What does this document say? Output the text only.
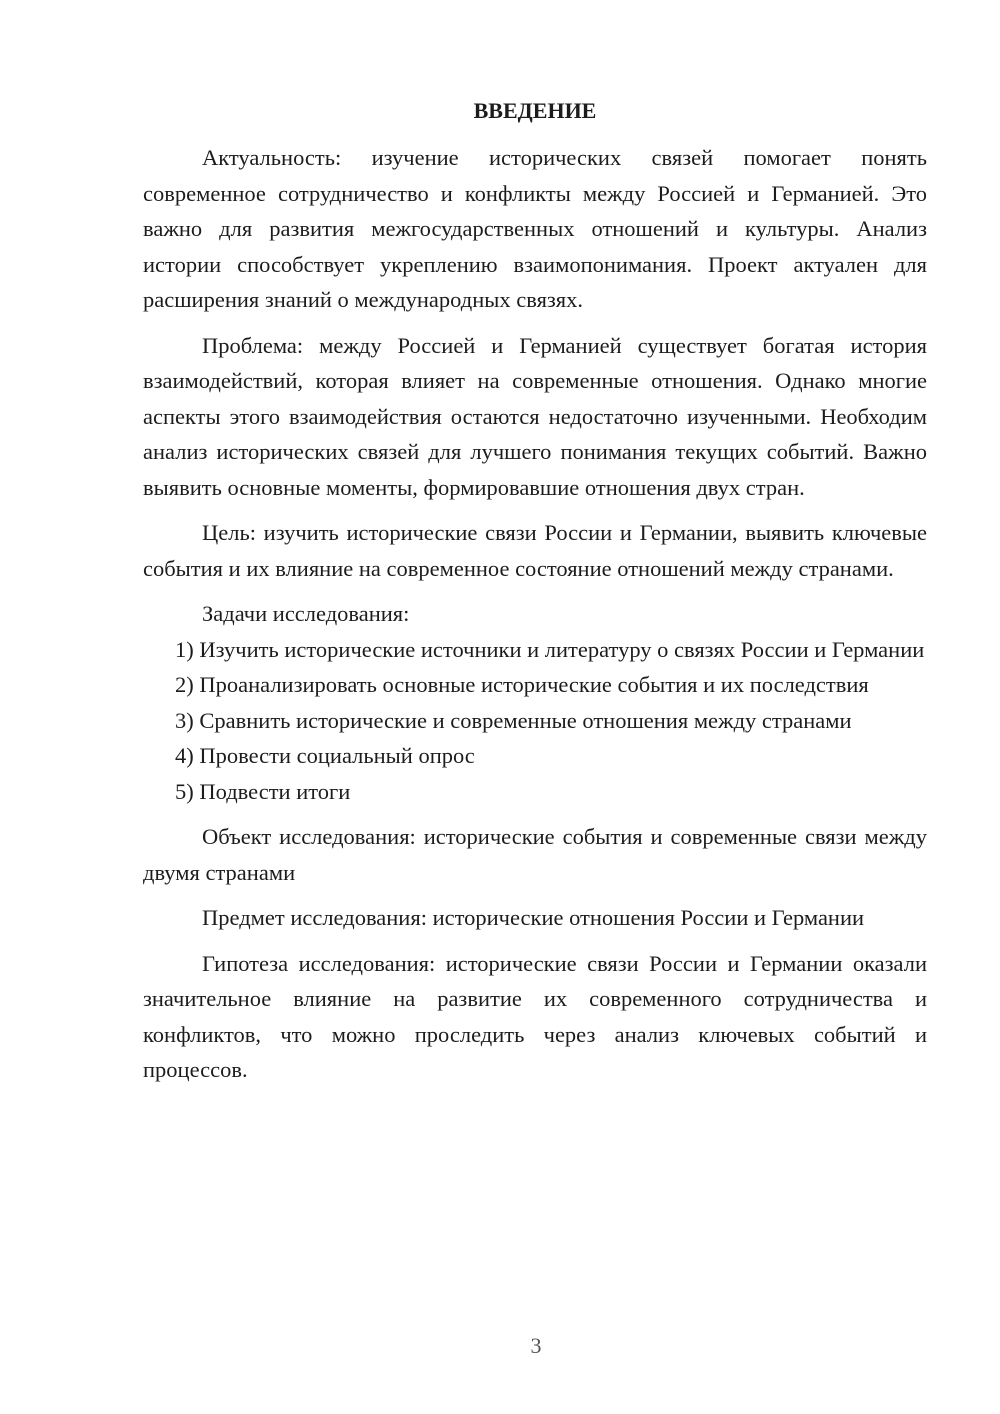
ВВЕДЕНИЕ

Актуальность: изучение исторических связей помогает понять современное сотрудничество и конфликты между Россией и Германией. Это важно для развития межгосударственных отношений и культуры. Анализ истории способствует укреплению взаимопонимания. Проект актуален для расширения знаний о международных связях.

Проблема: между Россией и Германией существует богатая история взаимодействий, которая влияет на современные отношения. Однако многие аспекты этого взаимодействия остаются недостаточно изученными. Необходим анализ исторических связей для лучшего понимания текущих событий. Важно выявить основные моменты, формировавшие отношения двух стран.

Цель: изучить исторические связи России и Германии, выявить ключевые события и их влияние на современное состояние отношений между странами.

Задачи исследования:

1) Изучить исторические источники и литературу о связях России и Германии

2) Проанализировать основные исторические события и их последствия

3) Сравнить исторические и современные отношения между странами

4) Провести социальный опрос

5) Подвести итоги

Объект исследования: исторические события и современные связи между двумя странами

Предмет исследования: исторические отношения России и Германии

Гипотеза исследования: исторические связи России и Германии оказали значительное влияние на развитие их современного сотрудничества и конфликтов, что можно проследить через анализ ключевых событий и процессов.

3
